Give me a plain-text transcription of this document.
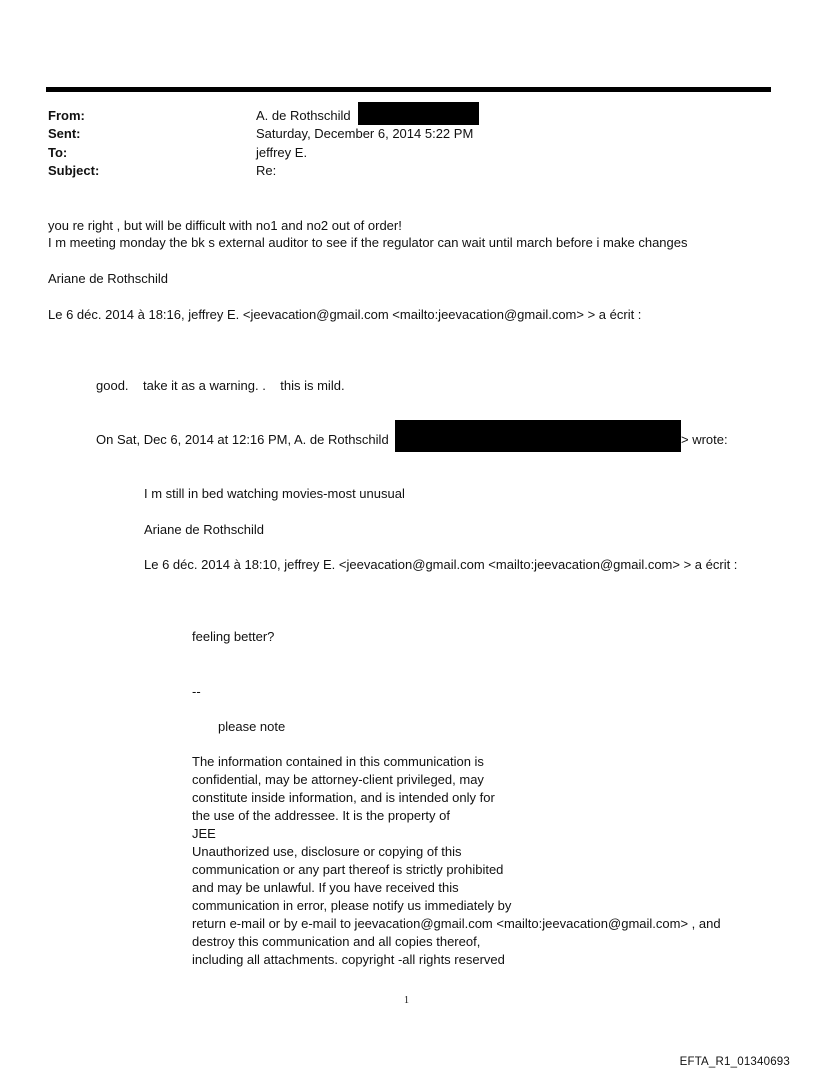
From:	A. de Rothschild
Sent:	Saturday, December 6, 2014 5:22 PM
To:	jeffrey E.
Subject:	Re:
you re right , but will be difficult with no1 and no2 out of order!
I m meeting monday the bk s external auditor to see if the regulator can wait until march before i make changes
Ariane de Rothschild
Le 6 déc. 2014 à 18:16, jeffrey E. <jeevacation@gmail.com <mailto:jeevacation@gmail.com> > a écrit :
good.    take it as a warning. .    this is mild.
On Sat, Dec 6, 2014 at 12:16 PM, A. de Rothschild	> wrote:
I m still in bed watching movies-most unusual
Ariane de Rothschild
Le 6 déc. 2014 à 18:10, jeffrey E. <jeevacation@gmail.com <mailto:jeevacation@gmail.com> > a écrit :
feeling better?
--
please note
The information contained in this communication is
confidential, may be attorney-client privileged, may
constitute inside information, and is intended only for
the use of the addressee. It is the property of
JEE
Unauthorized use, disclosure or copying of this
communication or any part thereof is strictly prohibited
and may be unlawful. If you have received this
communication in error, please notify us immediately by
return e-mail or by e-mail to jeevacation@gmail.com <mailto:jeevacation@gmail.com> , and
destroy this communication and all copies thereof,
including all attachments. copyright -all rights reserved
1
EFTA_R1_01340693
